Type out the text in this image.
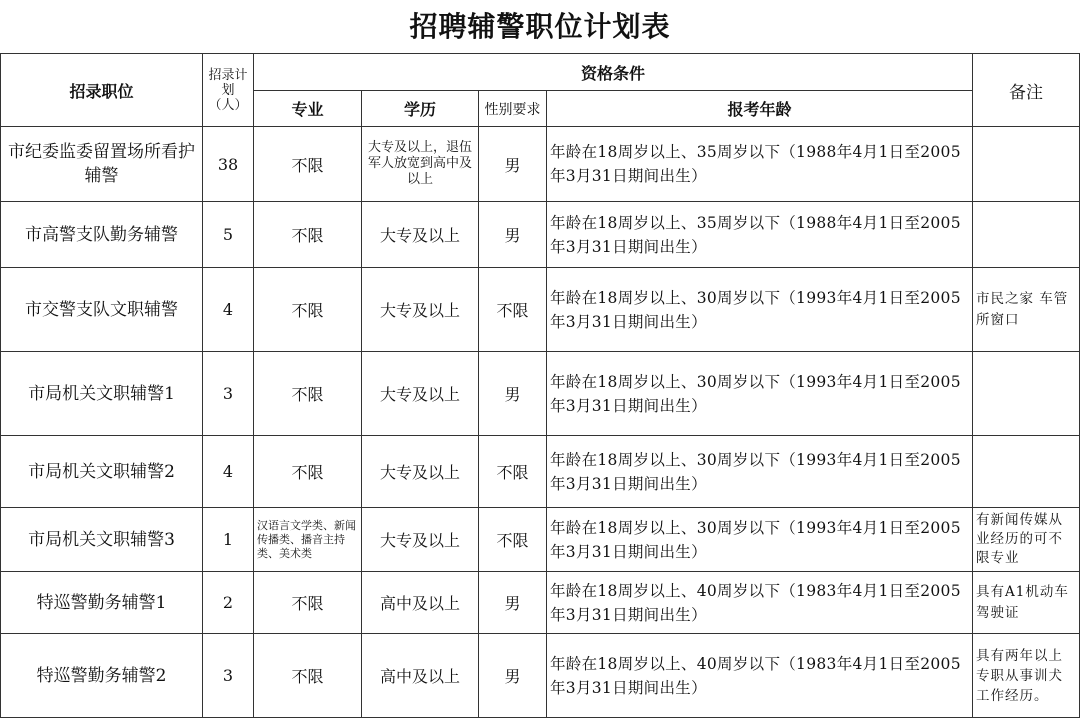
招聘辅警职位计划表
招录职位	招录计划（人）	资格条件				备注
		专业	学历	性别要求	报考年龄	
市纪委监委留置场所看护辅警	38	不限	大专及以上，退伍军人放宽到高中及以上	男	年龄在18周岁以上、35周岁以下（1988年4月1日至2005年3月31日期间出生）	
市高警支队勤务辅警	5	不限	大专及以上	男	年龄在18周岁以上、35周岁以下（1988年4月1日至2005年3月31日期间出生）	
市交警支队文职辅警	4	不限	大专及以上	不限	年龄在18周岁以上、30周岁以下（1993年4月1日至2005年3月31日期间出生）	市民之家 车管所窗口
市局机关文职辅警1	3	不限	大专及以上	男	年龄在18周岁以上、30周岁以下（1993年4月1日至2005年3月31日期间出生）	
市局机关文职辅警2	4	不限	大专及以上	不限	年龄在18周岁以上、30周岁以下（1993年4月1日至2005年3月31日期间出生）	
市局机关文职辅警3	1	汉语言文学类、新闻传播类、播音主持类、美术类	大专及以上	不限	年龄在18周岁以上、30周岁以下（1993年4月1日至2005年3月31日期间出生）	有新闻传媒从业经历的可不限专业
特巡警勤务辅警1	2	不限	高中及以上	男	年龄在18周岁以上、40周岁以下（1983年4月1日至2005年3月31日期间出生）	具有A1机动车驾驶证
特巡警勤务辅警2	3	不限	高中及以上	男	年龄在18周岁以上、40周岁以下（1983年4月1日至2005年3月31日期间出生）	具有两年以上专职从事训犬工作经历。
